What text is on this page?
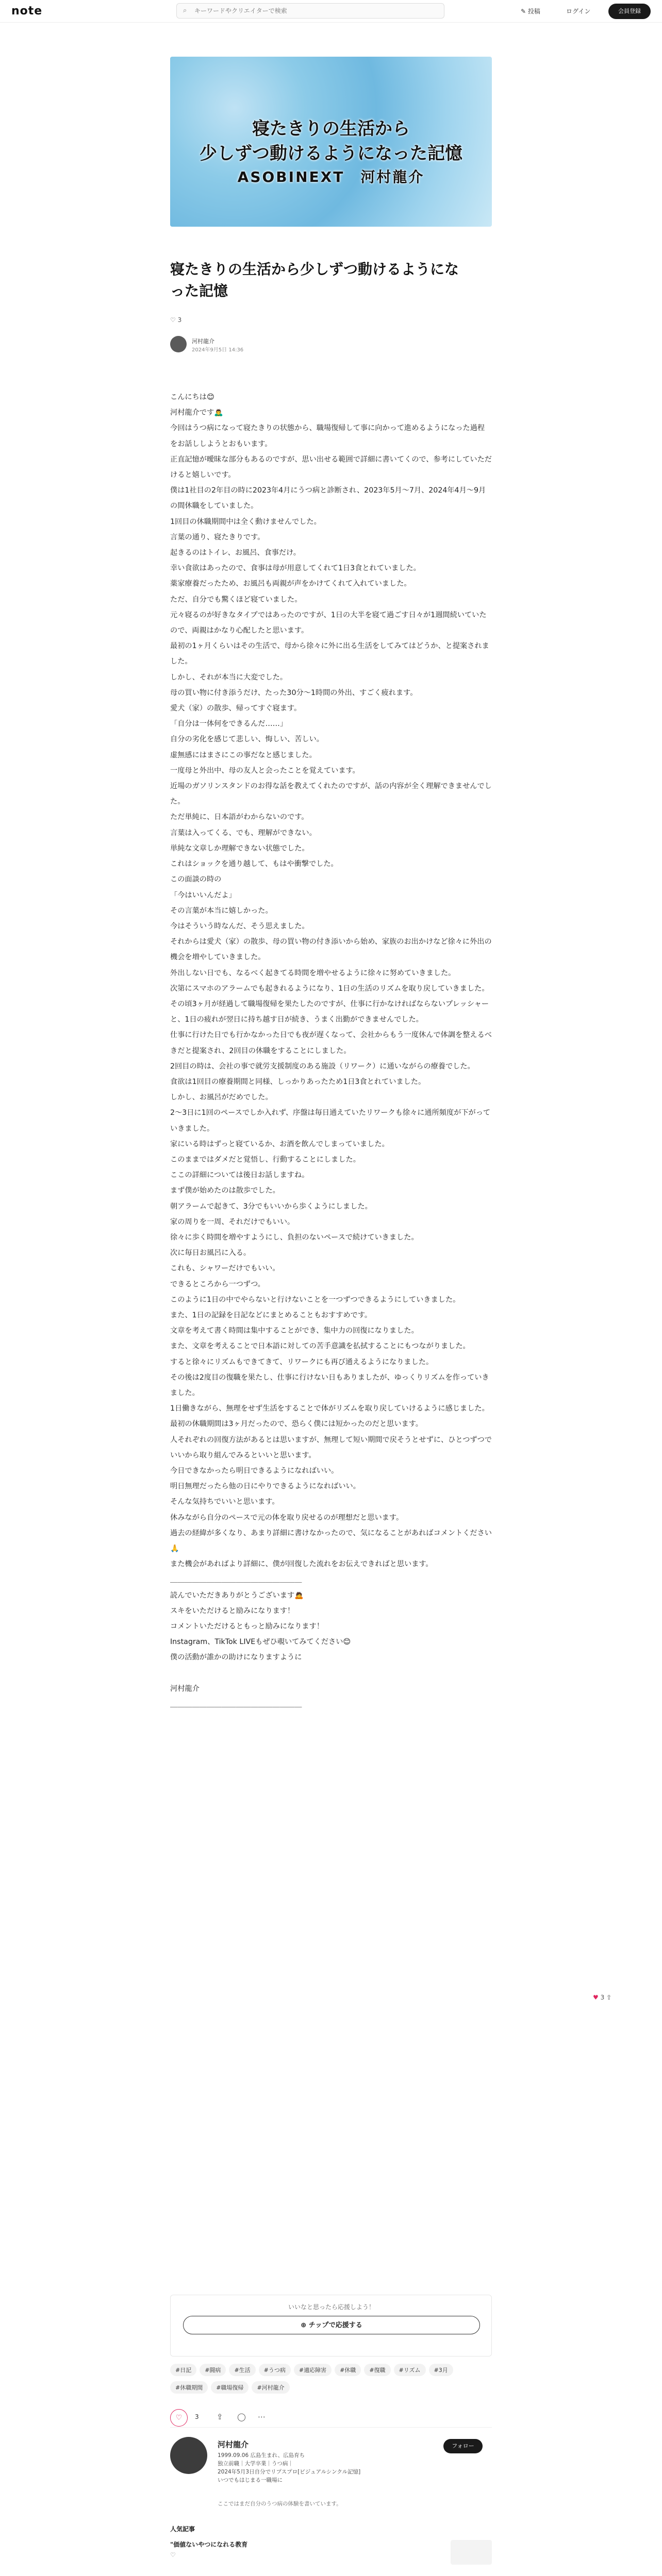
note	⌕
キーワードやクリエイターで検索	✎ 投稿	ログイン	会員登録
寝たきりの生活から
少しずつ動けるようになった記憶
ASOBINEXT　河村龍介
寝たきりの生活から少しずつ動けるようになった記憶
♡ 3
河村龍介
2024年9月5日 14:36

こんにちは😊

河村龍介です🙇‍♂️

今回はうつ病になって寝たきりの状態から、職場復帰して事に向かって進めるようになった過程をお話ししようとおもいます。

正直記憶が曖昧な部分もあるのですが、思い出せる範囲で詳細に書いてくので、参考にしていただけると嬉しいです。

僕は1社目の2年目の時に2023年4月にうつ病と診断され、2023年5月〜7月、2024年4月〜9月の間休職をしていました。

1回目の休職期間中は全く動けませんでした。

言葉の通り、寝たきりです。

起きるのはトイレ、お風呂、食事だけ。

幸い食欲はあったので、食事は母が用意してくれて1日3食とれていました。

薬家療養だったため、お風呂も両親が声をかけてくれて入れていました。

ただ、自分でも驚くほど寝ていました。

元々寝るのが好きなタイプではあったのですが、1日の大半を寝て過ごす日々が1週間続いていたので、両親はかなり心配したと思います。

最初の1ヶ月くらいはその生活で、母から徐々に外に出る生活をしてみてはどうか、と提案されました。

しかし、それが本当に大変でした。

母の買い物に付き添うだけ、たった30分〜1時間の外出、すごく疲れます。

愛犬（家）の散歩、帰ってすぐ寝ます。

「自分は一体何をできるんだ……」

自分の劣化を感じて悲しい、悔しい、苦しい。

虚無感にはまさにこの事だなと感じました。

一度母と外出中、母の友人と会ったことを覚えています。

近場のガソリンスタンドのお得な話を教えてくれたのですが、話の内容が全く理解できませんでした。

ただ単純に、日本語がわからないのです。

言葉は入ってくる、でも、理解ができない。

単純な文章しか理解できない状態でした。

これはショックを通り越して、もはや衝撃でした。

この面談の時の

「今はいいんだよ」

その言葉が本当に嬉しかった。

今はそういう時なんだ、そう思えました。

それからは愛犬（家）の散歩、母の買い物の付き添いから始め、家族のお出かけなど徐々に外出の機会を増やしていきました。

外出しない日でも、なるべく起きてる時間を増やせるように徐々に努めていきました。

次第にスマホのアラームでも起きれるようになり、1日の生活のリズムを取り戻していきました。

その頃3ヶ月が経過して職場復帰を果たしたのですが、仕事に行かなければならないプレッシャーと、1日の疲れが翌日に持ち越す日が続き、うまく出勤ができませんでした。

仕事に行けた日でも行かなかった日でも夜が遅くなって、会社からもう一度休んで体調を整えるべきだと提案され、2回目の休職をすることにしました。

2回目の時は、会社の事で就労支援制度のある施設（リワーク）に通いながらの療養でした。

食欲は1回目の療養期間と同様、しっかりあったため1日3食とれていました。

しかし、お風呂がだめでした。

2〜3日に1回のペースでしか入れず、序盤は毎日通えていたリワークも徐々に通所頻度が下がっていきました。

家にいる時はずっと寝ているか、お酒を飲んでしまっていました。

このままではダメだと覚悟し、行動することにしました。

ここの詳細については後日お話しますね。

まず僕が始めたのは散歩でした。

朝アラームで起きて、3分でもいいから歩くようにしました。

家の周りを一周、それだけでもいい。

徐々に歩く時間を増やすようにし、負担のないペースで続けていきました。

次に毎日お風呂に入る。

これも、シャワーだけでもいい。

できるところから一つずつ。

このように1日の中でやらないと行けないことを一つずつできるようにしていきました。

また、1日の記録を日記などにまとめることもおすすめです。

文章を考えて書く時間は集中することができ、集中力の回復になりました。

また、文章を考えることで日本語に対しての苦手意識を払拭することにもつながりました。

すると徐々にリズムもできてきて、リワークにも再び通えるようになりました。

その後は2度目の復職を果たし、仕事に行けない日もありましたが、ゆっくりリズムを作っていきました。

1日働きながら、無理をせず生活をすることで体がリズムを取り戻していけるように感じました。

最初の休職期間は3ヶ月だったので、恐らく僕には短かったのだと思います。

人それぞれの回復方法があるとは思いますが、無理して短い期間で戻そうとせずに、ひとつずつでいいから取り組んでみるといいと思います。

今日できなかったら明日できるようになればいい。

明日無理だったら他の日にやりできるようになればいい。

そんな気持ちでいいと思います。

休みながら自分のペースで元の体を取り戻せるのが理想だと思います。

過去の経緯が多くなり、あまり詳細に書けなかったので、気になることがあればコメントください🙏

また機会があればより詳細に、僕が回復した流れをお伝えできればと思います。

＿＿＿＿＿＿＿＿＿＿＿＿＿＿＿＿＿＿

読んでいただきありがとうございます🙇

スキをいただけると励みになります！

コメントいただけるともっと励みになります！

Instagram、TikTok LIVEもぜひ覗いてみてください😊

僕の活動が誰かの助けになりますように

河村龍介

＿＿＿＿＿＿＿＿＿＿＿＿＿＿＿＿＿＿

♥ 3 ⇪
いいなと思ったら応援しよう！
⊕ チップで応援する
#日記 #闘病 #生活 #うつ病 #適応障害 #休職 #復職 #リズム #3月#休職期間 #職場復帰 #河村龍介
♡	3 ⇪ ◯ ⋯
河村龍介
1999.09.06 広島生まれ、広島育ち
独立前職｜大学卒業｜うつ病｜
2024年5月3日自分でリプスプロ[ビジュアルシンクル記憶]
いつでもはじまる一職場に
フォロー
ここではまだ自分のうつ病の体験を書いています。
人気記事
"価値ないやつになれる教育
♡
